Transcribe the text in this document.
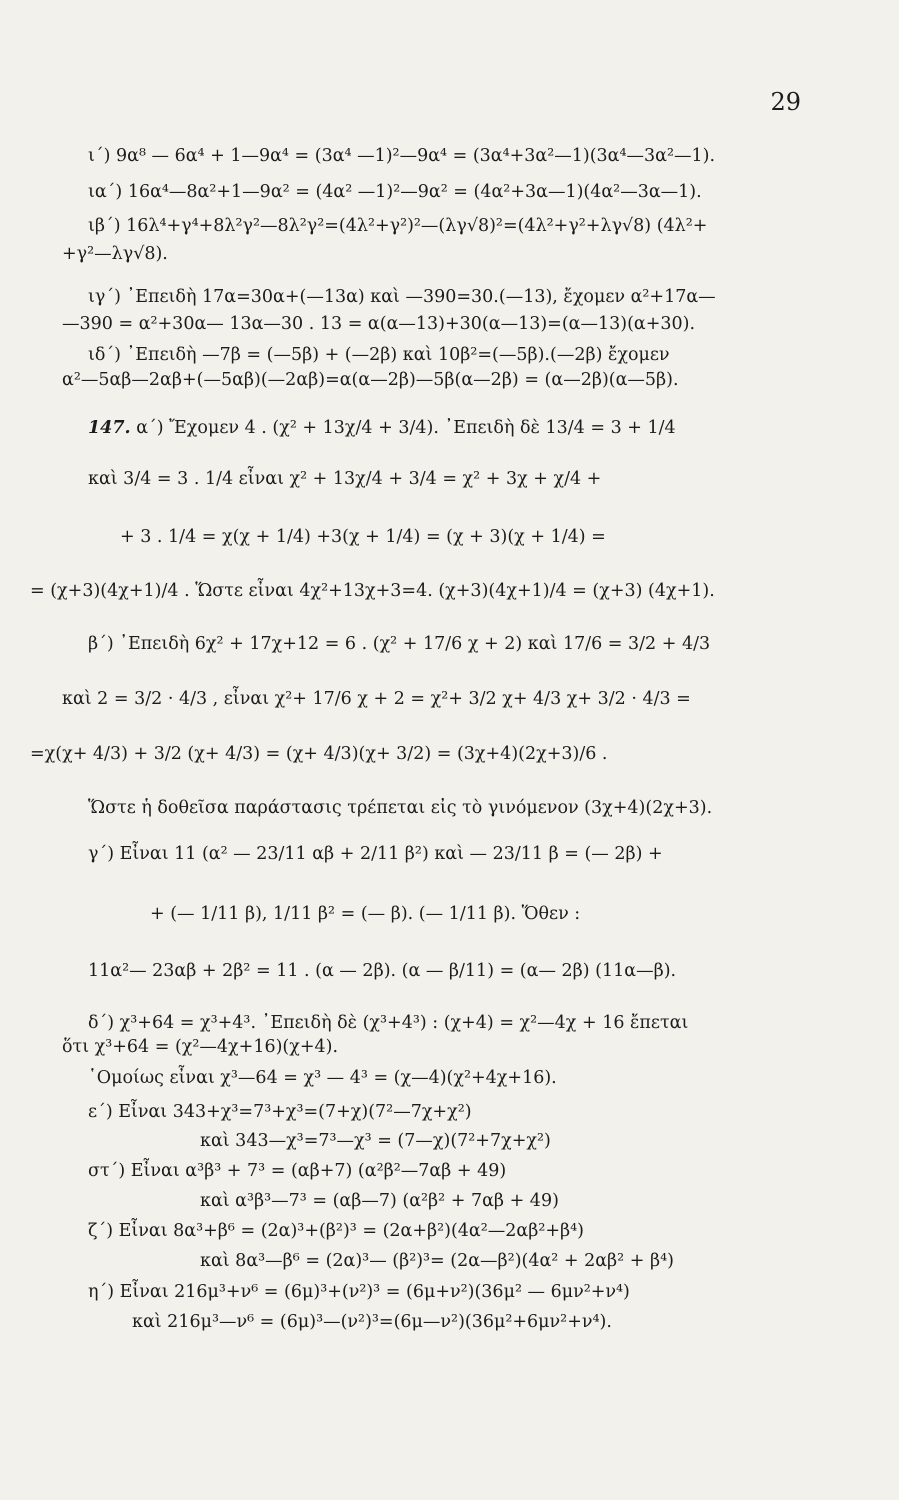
29
ι΄) 9α⁸ — 6α⁴ + 1—9α⁴ = (3α⁴ —1)²—9α⁴ = (3α⁴+3α²—1)(3α⁴—3α²—1).
ια΄) 16α⁴—8α²+1—9α² = (4α² —1)²—9α² = (4α²+3α—1)(4α²—3α—1).
ιβ΄) 16λ⁴+γ⁴+8λ²γ²—8λ²γ²=(4λ²+γ²)²—(λγ√8)²=(4λ²+γ²+λγ√8) (4λ²+
+γ²—λγ√8).
ιγ΄) ᾿Επειδὴ 17α=30α+(—13α) καὶ —390=30.(—13), ἔχομεν α²+17α—
—390 = α²+30α— 13α—30 . 13 = α(α—13)+30(α—13)=(α—13)(α+30).
ιδ΄) ᾿Επειδὴ —7β = (—5β) + (—2β) καὶ 10β²=(—5β).(—2β) ἔχομεν
α²—5αβ—2αβ+(—5αβ)(—2αβ)=α(α—2β)—5β(α—2β) = (α—2β)(α—5β).
147. α΄) Ἔχομεν 4 . (χ² + 13χ/4 + 3/4). ᾿Επειδὴ δὲ 13/4 = 3 + 1/4
καὶ 3/4 = 3 . 1/4 εἶναι χ² + 13χ/4 + 3/4 = χ² + 3χ + χ/4 +
+ 3 . 1/4 = χ(χ + 1/4) +3(χ + 1/4) = (χ + 3)(χ + 1/4) =
= (χ+3)(4χ+1)/4 . Ὥστε εἶναι 4χ²+13χ+3=4. (χ+3)(4χ+1)/4 = (χ+3) (4χ+1).
β΄) ᾿Επειδὴ 6χ² + 17χ+12 = 6 . (χ² + 17/6 χ + 2) καὶ 17/6 = 3/2 + 4/3
καὶ 2 = 3/2 · 4/3 , εἶναι χ²+ 17/6 χ + 2 = χ²+ 3/2 χ+ 4/3 χ+ 3/2 · 4/3 =
=χ(χ+ 4/3) + 3/2 (χ+ 4/3) = (χ+ 4/3)(χ+ 3/2) = (3χ+4)(2χ+3)/6 .
Ὥστε ἡ δοθεῖσα παράστασις τρέπεται εἰς τὸ γινόμενον (3χ+4)(2χ+3).
γ΄) Εἶναι 11 (α² — 23/11 αβ + 2/11 β²) καὶ — 23/11 β = (— 2β) +
+ (— 1/11 β), 1/11 β² = (— β). (— 1/11 β). Ὅθεν :
11α²— 23αβ + 2β² = 11 . (α — 2β). (α — β/11) = (α— 2β) (11α—β).
δ΄) χ³+64 = χ³+4³. ᾿Επειδὴ δὲ (χ³+4³) : (χ+4) = χ²—4χ + 16 ἔπεται
ὅτι χ³+64 = (χ²—4χ+16)(χ+4).
῾Ομοίως εἶναι χ³—64 = χ³ — 4³ = (χ—4)(χ²+4χ+16).
ε΄) Εἶναι 343+χ³=7³+χ³=(7+χ)(7²—7χ+χ²)
καὶ 343—χ³=7³—χ³ = (7—χ)(7²+7χ+χ²)
στ΄) Εἶναι α³β³ + 7³ = (αβ+7) (α²β²—7αβ + 49)
καὶ α³β³—7³ = (αβ—7) (α²β² + 7αβ + 49)
ζ΄) Εἶναι 8α³+β⁶ = (2α)³+(β²)³ = (2α+β²)(4α²—2αβ²+β⁴)
καὶ 8α³—β⁶ = (2α)³— (β²)³= (2α—β²)(4α² + 2αβ² + β⁴)
η΄) Εἶναι 216μ³+ν⁶ = (6μ)³+(ν²)³ = (6μ+ν²)(36μ² — 6μν²+ν⁴)
καὶ 216μ³—ν⁶ = (6μ)³—(ν²)³=(6μ—ν²)(36μ²+6μν²+ν⁴).
